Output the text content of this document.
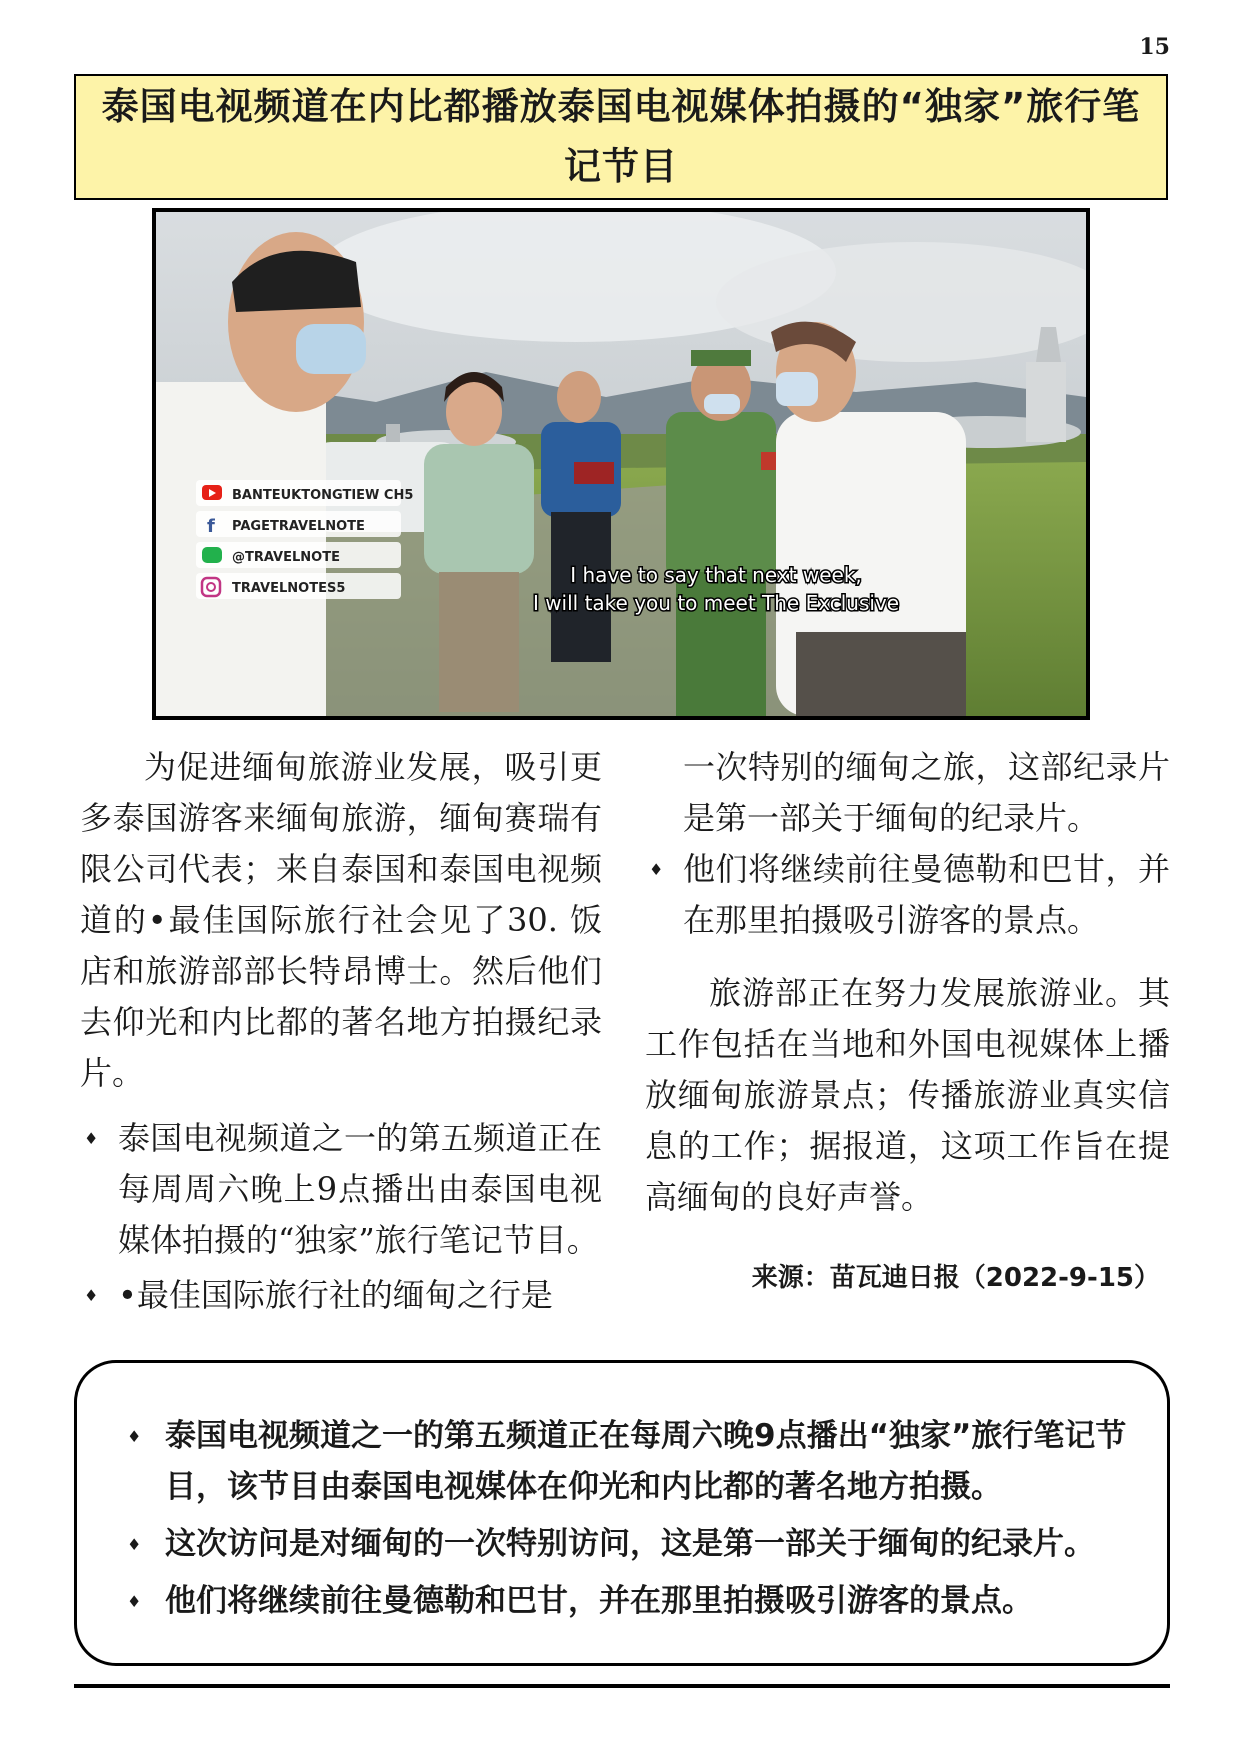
15
泰国电视频道在内比都播放泰国电视媒体拍摄的“独家”旅行笔记节目
f
BANTEUKTONGTIEW CH5
PAGETRAVELNOTE
@TRAVELNOTE
TRAVELNOTES5
I have to say that next week,
I will take you to meet The Exclusive

为促进缅甸旅游业发展，吸引更多泰国游客来缅甸旅游，缅甸赛瑞有限公司代表；来自泰国和泰国电视频道的•最佳国际旅行社会见了30. 饭店和旅游部部长特昂博士。然后他们去仰光和内比都的著名地方拍摄纪录片。

♦ 泰国电视频道之一的第五频道正在每周周六晚上9点播出由泰国电视媒体拍摄的“独家”旅行笔记节目。
♦ •最佳国际旅行社的缅甸之行是

一次特别的缅甸之旅，这部纪录片是第一部关于缅甸的纪录片。

♦ 他们将继续前往曼德勒和巴甘，并在那里拍摄吸引游客的景点。

旅游部正在努力发展旅游业。其工作包括在当地和外国电视媒体上播放缅甸旅游景点；传播旅游业真实信息的工作；据报道，这项工作旨在提高缅甸的良好声誉。

来源：苗瓦迪日报（2022-9-15）
♦ 泰国电视频道之一的第五频道正在每周六晚9点播出“独家”旅行笔记节目，该节目由泰国电视媒体在仰光和内比都的著名地方拍摄。
♦ 这次访问是对缅甸的一次特别访问，这是第一部关于缅甸的纪录片。
♦ 他们将继续前往曼德勒和巴甘，并在那里拍摄吸引游客的景点。
